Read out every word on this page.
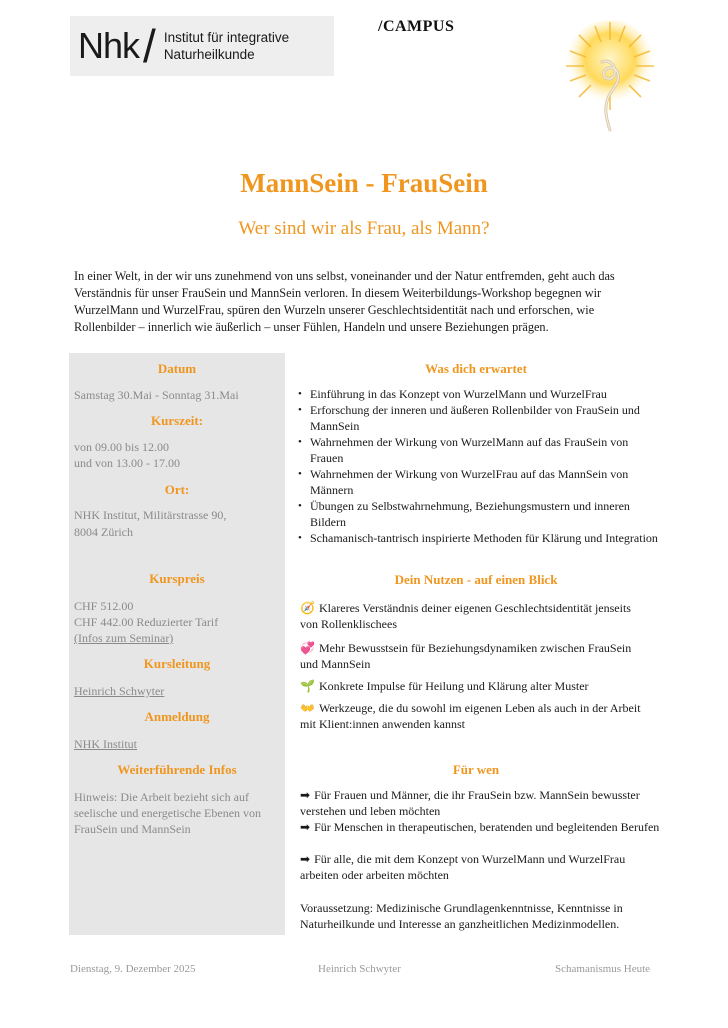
Nhk / Institut für integrative
Naturheilkunde
/CAMPUS
MannSein - FrauSein
Wer sind wir als Frau, als Mann?
In einer Welt, in der wir uns zunehmend von uns selbst, voneinander und der Natur entfremden, geht auch das Verständnis für unser FrauSein und MannSein verloren. In diesem Weiterbildungs-Workshop begegnen wir WurzelMann und WurzelFrau, spüren den Wurzeln unserer Geschlechtsidentität nach und erforschen, wie Rollenbilder – innerlich wie äußerlich – unser Fühlen, Handeln und unsere Beziehungen prägen.
Datum
Samstag 30.Mai - Sonntag 31.Mai
Kurszeit:
von 09.00 bis 12.00
und von 13.00 - 17.00
Ort:
NHK Institut, Militärstrasse 90,
8004 Zürich
Kurspreis
CHF 512.00
CHF 442.00 Reduzierter Tarif
(Infos zum Seminar)
Kursleitung
Heinrich Schwyter
Anmeldung
NHK Institut
Weiterführende Infos
Hinweis: Die Arbeit bezieht sich auf seelische und energetische Ebenen von FrauSein und MannSein
Was dich erwartet
• Einführung in das Konzept von WurzelMann und WurzelFrau
• Erforschung der inneren und äußeren Rollenbilder von FrauSein und MannSein
• Wahrnehmen der Wirkung von WurzelMann auf das FrauSein von Frauen
• Wahrnehmen der Wirkung von WurzelFrau auf das MannSein von Männern
• Übungen zu Selbstwahrnehmung, Beziehungsmustern und inneren Bildern
• Schamanisch-tantrisch inspirierte Methoden für Klärung und Integration
Dein Nutzen - auf einen Blick
🧭 Klareres Verständnis deiner eigenen Geschlechtsidentität jenseits von Rollenklischees
💞 Mehr Bewusstsein für Beziehungsdynamiken zwischen FrauSein und MannSein
🌱 Konkrete Impulse für Heilung und Klärung alter Muster
👐 Werkzeuge, die du sowohl im eigenen Leben als auch in der Arbeit mit Klient:innen anwenden kannst
Für wen
➡ Für Frauen und Männer, die ihr FrauSein bzw. MannSein bewusster verstehen und leben möchten
➡ Für Menschen in therapeutischen, beratenden und begleitenden Berufen
➡ Für alle, die mit dem Konzept von WurzelMann und WurzelFrau arbeiten oder arbeiten möchten
Voraussetzung: Medizinische Grundlagenkenntnisse, Kenntnisse in Naturheilkunde und Interesse an ganzheitlichen Medizinmodellen.
Dienstag, 9. Dezember 2025	Heinrich Schwyter	Schamanismus Heute
